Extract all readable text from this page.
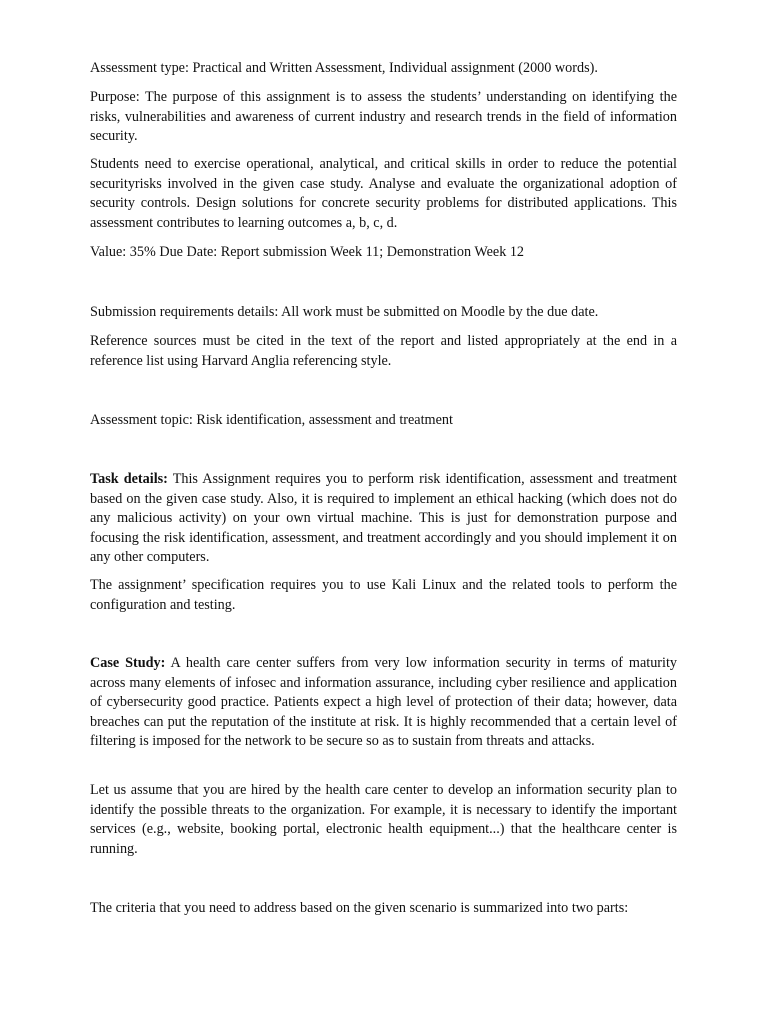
Assessment type: Practical and Written Assessment, Individual assignment (2000 words).

Purpose: The purpose of this assignment is to assess the students’ understanding on identifying the risks, vulnerabilities and awareness of current industry and research trends in the field of information security.

Students need to exercise operational, analytical, and critical skills in order to reduce the potential securityrisks involved in the given case study. Analyse and evaluate the organizational adoption of security controls. Design solutions for concrete security problems for distributed applications. This assessment contributes to learning outcomes a, b, c, d.

Value: 35% Due Date: Report submission Week 11; Demonstration Week 12

Submission requirements details: All work must be submitted on Moodle by the due date.

Reference sources must be cited in the text of the report and listed appropriately at the end in a reference list using Harvard Anglia referencing style.

Assessment topic: Risk identification, assessment and treatment

Task details: This Assignment requires you to perform risk identification, assessment and treatment based on the given case study. Also, it is required to implement an ethical hacking (which does not do any malicious activity) on your own virtual machine. This is just for demonstration purpose and focusing the risk identification, assessment, and treatment accordingly and you should implement it on any other computers.

The assignment’ specification requires you to use Kali Linux and the related tools to perform the configuration and testing.

Case Study: A health care center suffers from very low information security in terms of maturity across many elements of infosec and information assurance, including cyber resilience and application of cybersecurity good practice. Patients expect a high level of protection of their data; however, data breaches can put the reputation of the institute at risk. It is highly recommended that a certain level of filtering is imposed for the network to be secure so as to sustain from threats and attacks.

Let us assume that you are hired by the health care center to develop an information security plan to identify the possible threats to the organization. For example, it is necessary to identify the important services (e.g., website, booking portal, electronic health equipment...) that the healthcare center is running.

The criteria that you need to address based on the given scenario is summarized into two parts:
